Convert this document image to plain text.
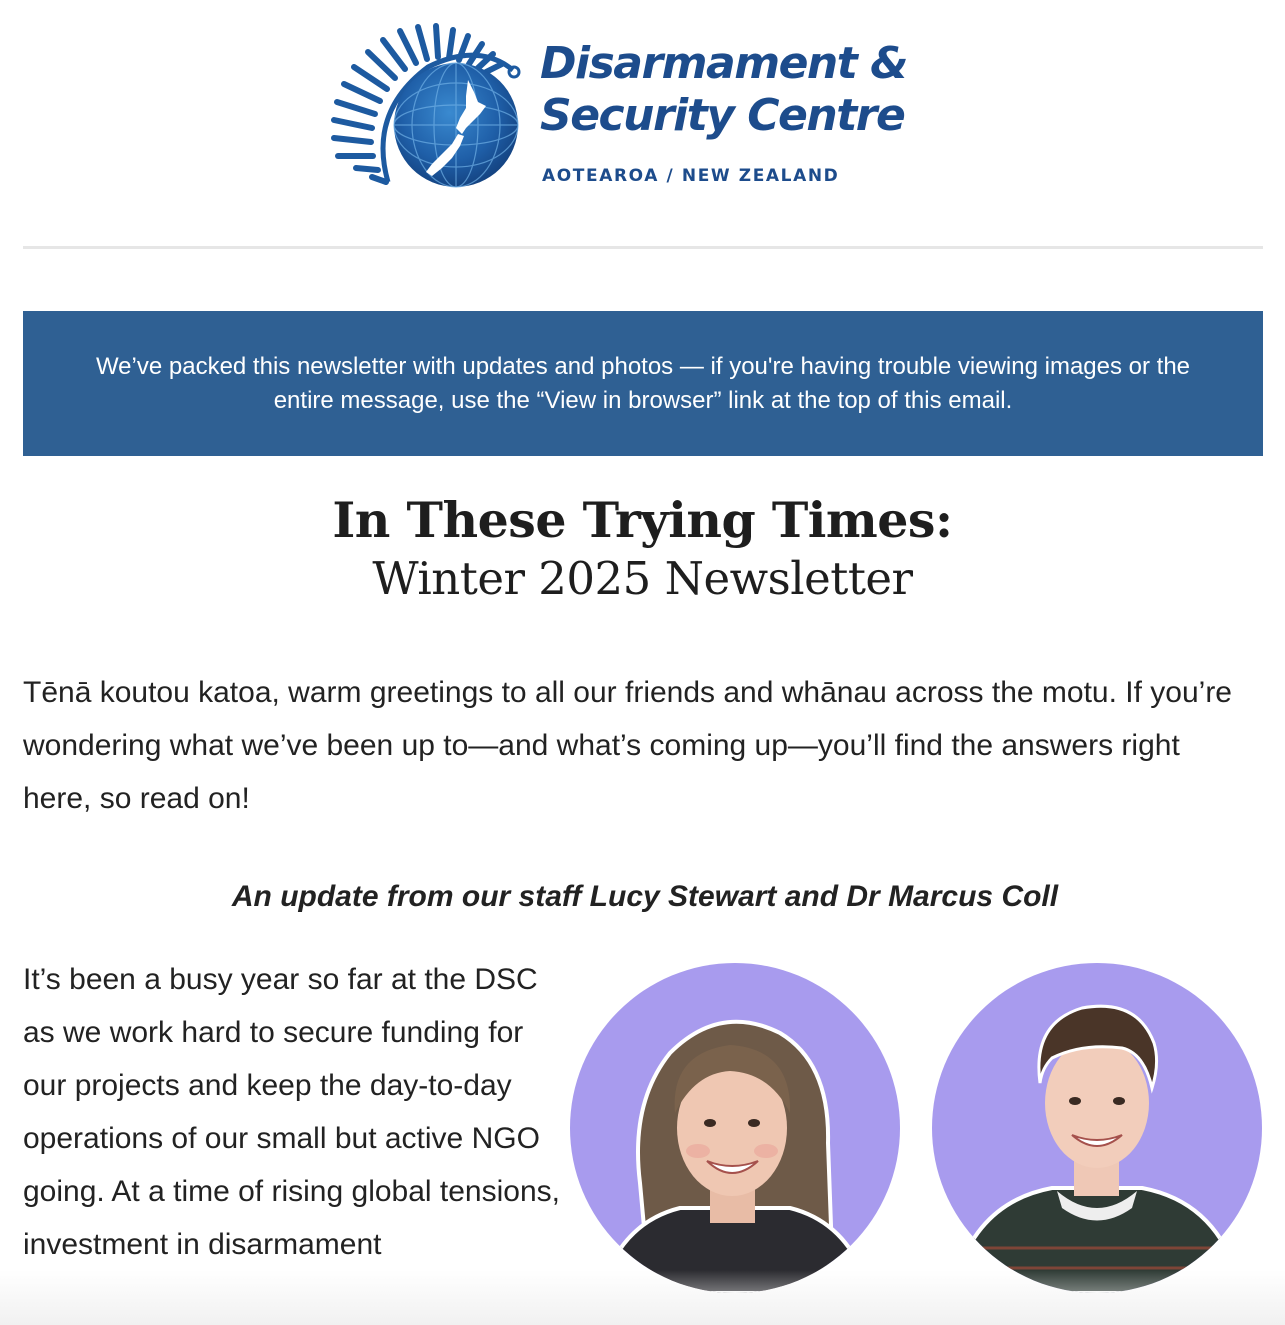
Disarmament &
Security Centre
AOTEAROA / NEW ZEALAND

We’ve packed this newsletter with updates and photos — if you're having trouble viewing images or the entire message, use the “View in browser” link at the top of this email.

In These Trying Times:
Winter 2025 Newsletter
Tēnā koutou katoa, warm greetings to all our friends and whānau across the motu. If you’re wondering what we’ve been up to—and what’s coming up—you’ll find the answers right here, so read on!
An update from our staff Lucy Stewart and Dr Marcus Coll
It’s been a busy year so far at the DSC as we work hard to secure funding for our projects and keep the day-to-day operations of our small but active NGO going. At a time of rising global tensions, investment in disarmament
